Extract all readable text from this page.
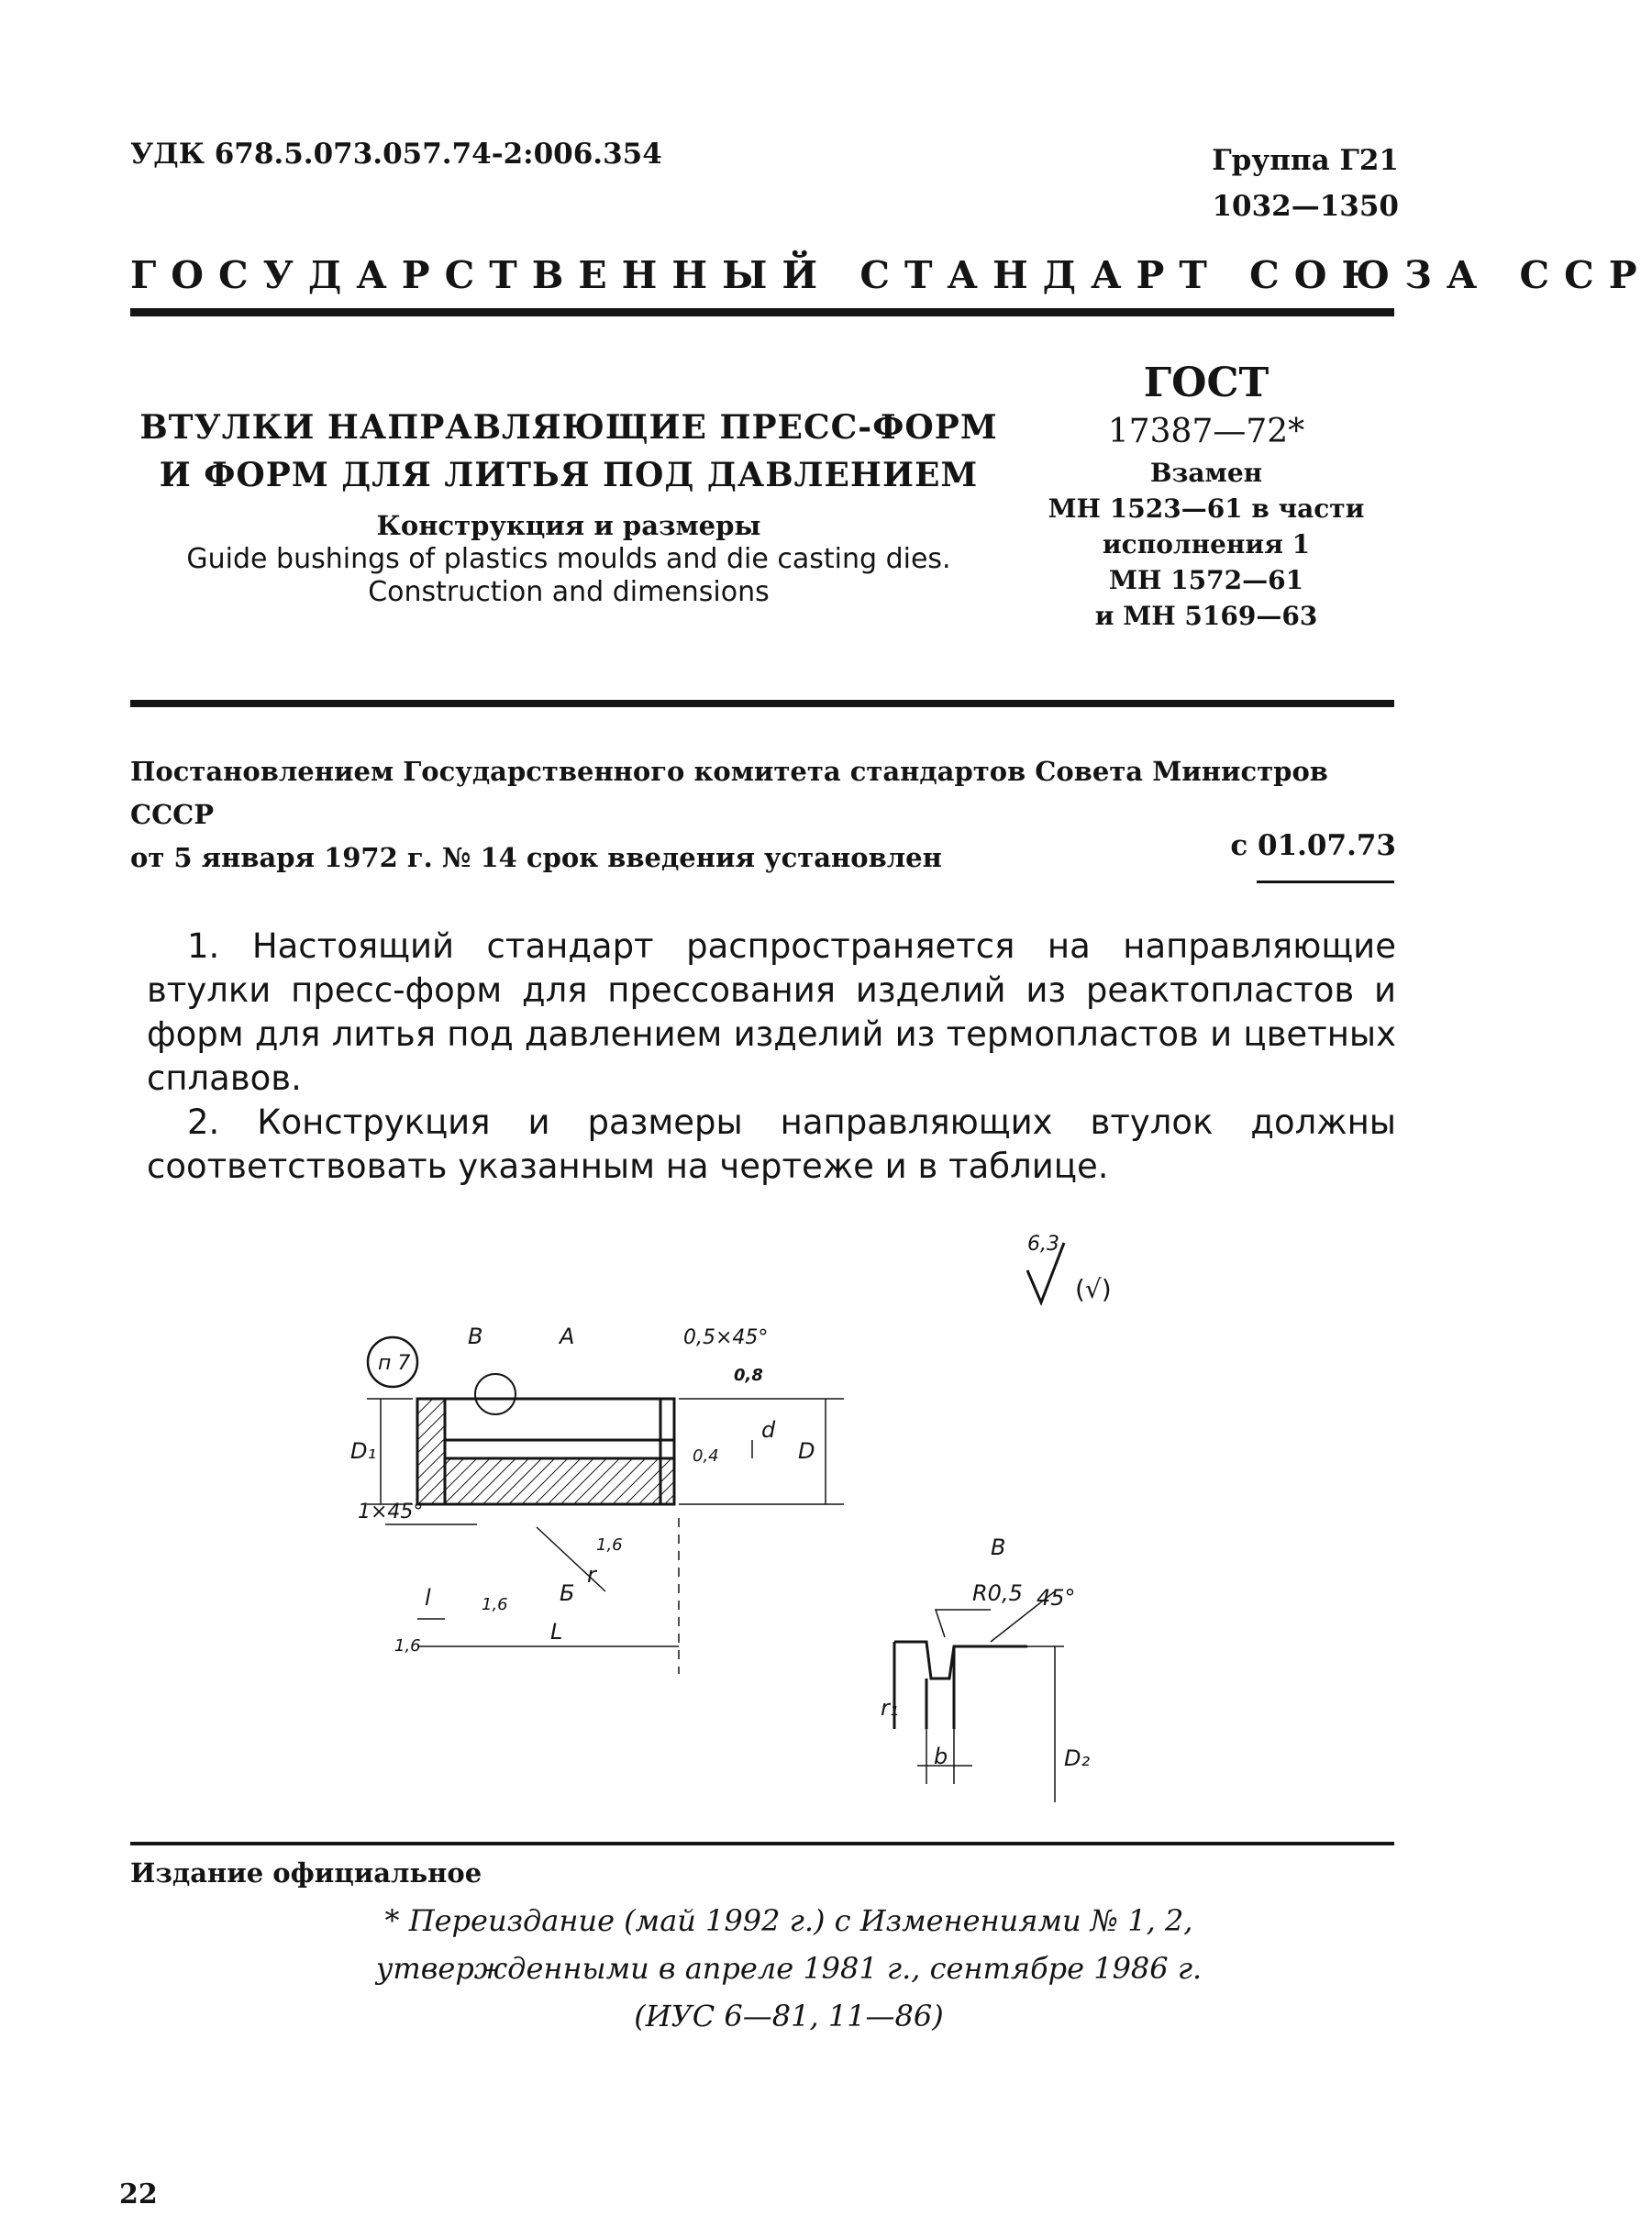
УДК 678.5.073.057.74-2:006.354	Группа Г21
1032—1350
ГОСУДАРСТВЕННЫЙ СТАНДАРТ СОЮЗА ССР
ВТУЛКИ НАПРАВЛЯЮЩИЕ ПРЕСС-ФОРМ
И ФОРМ ДЛЯ ЛИТЬЯ ПОД ДАВЛЕНИЕМ
Конструкция и размеры
Guide bushings of plastics moulds and die casting dies.
Construction and dimensions
ГОСТ
17387—72*
Взамен
МН 1523—61 в части
исполнения 1
МН 1572—61
и МН 5169—63
Постановлением Государственного комитета стандартов Совета Министров СССР
от 5 января 1972 г. № 14 срок введения установлен	с 01.07.73

1. Настоящий стандарт распространяется на направляющие втулки пресс-форм для прессования изделий из реактопластов и форм для литья под давлением изделий из термопластов и цветных сплавов.

2. Конструкция и размеры направляющих втулок должны соответствовать указанным на чертеже и в таблице.

6,3
(√)
п 7
В	А	0,5×45°
0,8
d
D
0,4
D₁
1×45°
l	1,6
1,6
1,6
L
Б
r
В
R0,5 45°
r₁
b	D₂
Издание официальное
* Переиздание (май 1992 г.) с Изменениями № 1, 2,
утвержденными в апреле 1981 г., сентябре 1986 г.
(ИУС 6—81, 11—86)
22
